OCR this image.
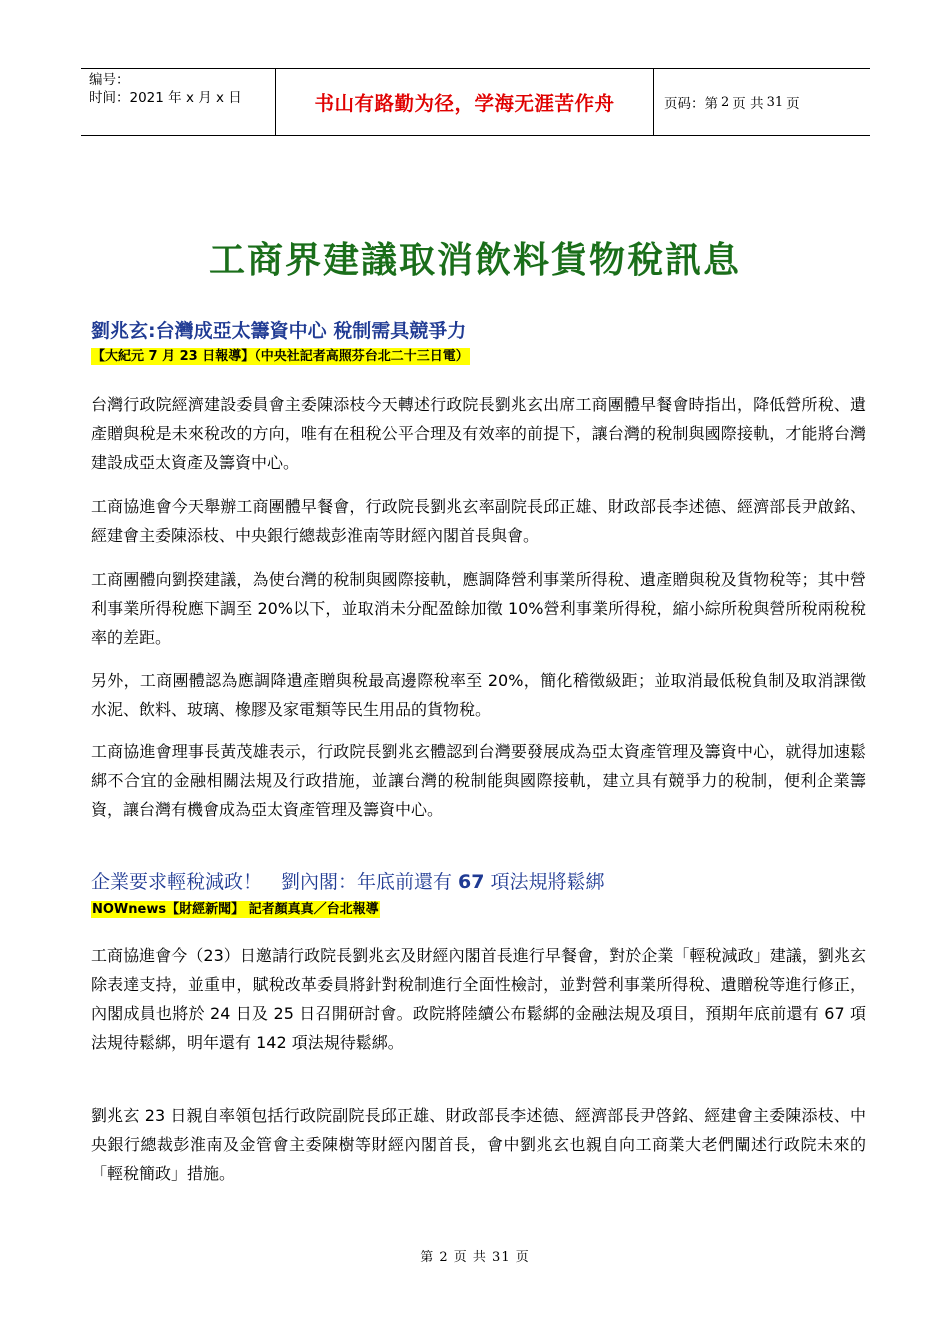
编号：
时间：2021 年 x 月 x 日	书山有路勤为径，学海无涯苦作舟	页码：第 2 页 共 31 页
工商界建議取消飲料貨物稅訊息
劉兆玄:台灣成亞太籌資中心 稅制需具競爭力
【大紀元 7 月 23 日報導】（中央社記者高照芬台北二十三日電）

台灣行政院經濟建設委員會主委陳添枝今天轉述行政院長劉兆玄出席工商團體早餐會時指出，降低營所稅、遺產贈與稅是未來稅改的方向，唯有在租稅公平合理及有效率的前提下，讓台灣的稅制與國際接軌，才能將台灣建設成亞太資產及籌資中心。

工商協進會今天舉辦工商團體早餐會，行政院長劉兆玄率副院長邱正雄、財政部長李述德、經濟部長尹啟銘、經建會主委陳添枝、中央銀行總裁彭淮南等財經內閣首長與會。

工商團體向劉揆建議，為使台灣的稅制與國際接軌，應調降營利事業所得稅、遺產贈與稅及貨物稅等；其中營利事業所得稅應下調至 20%以下，並取消未分配盈餘加徵 10%營利事業所得稅，縮小綜所稅與營所稅兩稅稅率的差距。

另外，工商團體認為應調降遺產贈與稅最高邊際稅率至 20%，簡化稽徵級距；並取消最低稅負制及取消課徵水泥、飲料、玻璃、橡膠及家電類等民生用品的貨物稅。

工商協進會理事長黃茂雄表示，行政院長劉兆玄體認到台灣要發展成為亞太資產管理及籌資中心，就得加速鬆綁不合宜的金融相關法規及行政措施，並讓台灣的稅制能與國際接軌，建立具有競爭力的稅制，便利企業籌資，讓台灣有機會成為亞太資產管理及籌資中心。

企業要求輕稅減政！　劉內閣：年底前還有 67 項法規將鬆綁
NOWnews【財經新聞】 記者顏真真／台北報導

工商協進會今（23）日邀請行政院長劉兆玄及財經內閣首長進行早餐會，對於企業「輕稅減政」建議，劉兆玄除表達支持，並重申，賦稅改革委員將針對稅制進行全面性檢討，並對營利事業所得稅、遺贈稅等進行修正，內閣成員也將於 24 日及 25 日召開研討會。政院將陸續公布鬆綁的金融法規及項目，預期年底前還有 67 項法規待鬆綁，明年還有 142 項法規待鬆綁。

劉兆玄 23 日親自率領包括行政院副院長邱正雄、財政部長李述德、經濟部長尹啓銘、經建會主委陳添枝、中央銀行總裁彭淮南及金管會主委陳樹等財經內閣首長，會中劉兆玄也親自向工商業大老們闡述行政院未來的「輕稅簡政」措施。

第 2 页 共 31 页
